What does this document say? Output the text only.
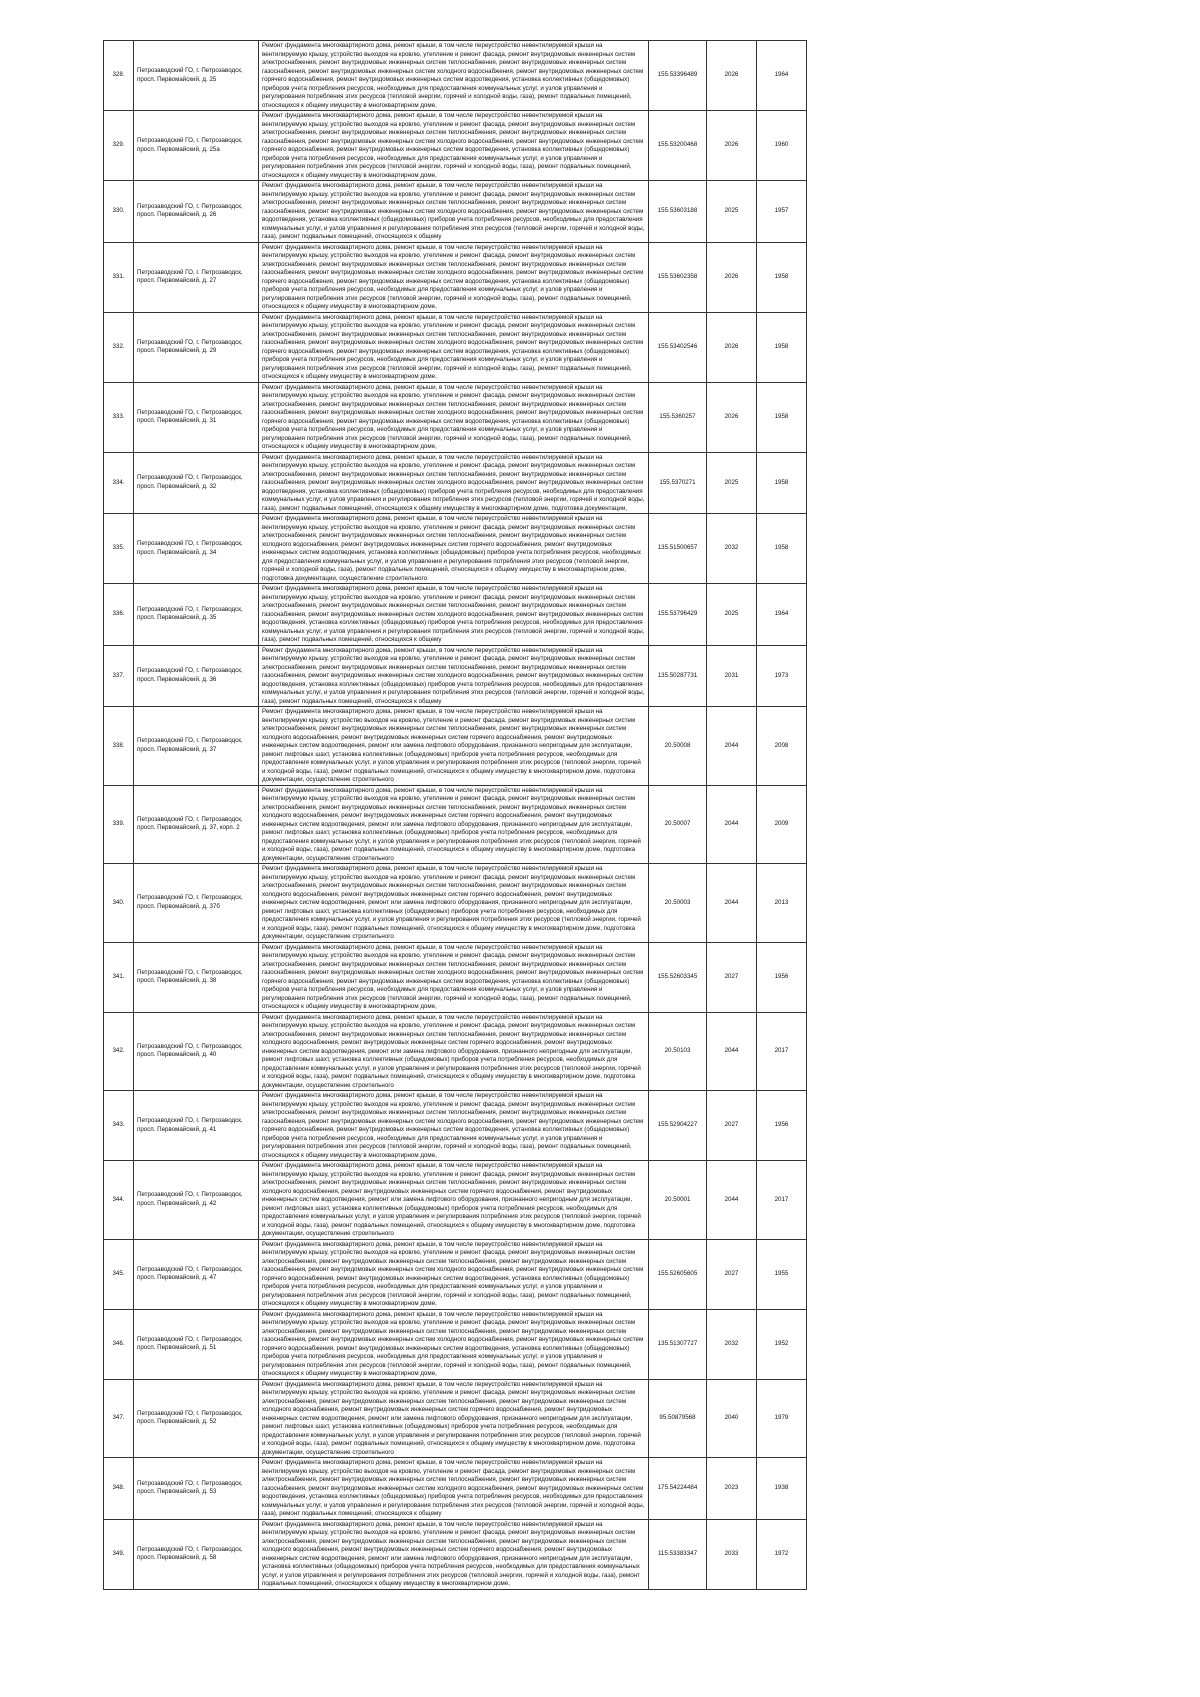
328.	Петрозаводский ГО, г. Петрозаводск, просп. Первомайский, д. 25	Ремонт фундамента многоквартирного дома, ремонт крыши, в том числе переустройство невентилируемой крыши на вентилируемую крышу, устройство выходов на кровлю, утепление и ремонт фасада, ремонт внутридомовых инженерных систем электроснабжения, ремонт внутридомовых инженерных систем теплоснабжения, ремонт внутридомовых инженерных систем газоснабжения, ремонт внутридомовых инженерных систем холодного водоснабжения, ремонт внутридомовых инженерных систем горячего водоснабжения, ремонт внутридомовых инженерных систем водоотведения, установка коллективных (общедомовых) приборов учета потребления ресурсов, необходимых для предоставления коммунальных услуг, и узлов управления и регулирования потребления этих ресурсов (тепловой энергии, горячей и холодной воды, газа), ремонт подвальных помещений, относящихся к общему имуществу в многоквартирном доме,	155.53396489	2026	1964
329.	Петрозаводский ГО, г. Петрозаводск, просп. Первомайский, д. 25а	Ремонт фундамента многоквартирного дома, ремонт крыши, в том числе переустройство невентилируемой крыши на вентилируемую крышу, устройство выходов на кровлю, утепление и ремонт фасада, ремонт внутридомовых инженерных систем электроснабжения, ремонт внутридомовых инженерных систем теплоснабжения, ремонт внутридомовых инженерных систем газоснабжения, ремонт внутридомовых инженерных систем холодного водоснабжения, ремонт внутридомовых инженерных систем горячего водоснабжения, ремонт внутридомовых инженерных систем водоотведения, установка коллективных (общедомовых) приборов учета потребления ресурсов, необходимых для предоставления коммунальных услуг, и узлов управления и регулирования потребления этих ресурсов (тепловой энергии, горячей и холодной воды, газа), ремонт подвальных помещений, относящихся к общему имуществу в многоквартирном доме,	155.53200468	2026	1960
330.	Петрозаводский ГО, г. Петрозаводск, просп. Первомайский, д. 26	Ремонт фундамента многоквартирного дома, ремонт крыши, в том числе переустройство невентилируемой крыши на вентилируемую крышу, устройство выходов на кровлю, утепление и ремонт фасада, ремонт внутридомовых инженерных систем электроснабжения, ремонт внутридомовых инженерных систем теплоснабжения, ремонт внутридомовых инженерных систем газоснабжения, ремонт внутридомовых инженерных систем холодного водоснабжения, ремонт внутридомовых инженерных систем водоотведения, установка коллективных (общедомовых) приборов учета потребления ресурсов, необходимых для предоставления коммунальных услуг, и узлов управления и регулирования потребления этих ресурсов (тепловой энергии, горячей и холодной воды, газа), ремонт подвальных помещений, относящихся к общему	155.53603188	2025	1957
331.	Петрозаводский ГО, г. Петрозаводск, просп. Первомайский, д. 27	Ремонт фундамента многоквартирного дома, ремонт крыши, в том числе переустройство невентилируемой крыши на вентилируемую крышу, устройство выходов на кровлю, утепление и ремонт фасада, ремонт внутридомовых инженерных систем электроснабжения, ремонт внутридомовых инженерных систем теплоснабжения, ремонт внутридомовых инженерных систем газоснабжения, ремонт внутридомовых инженерных систем холодного водоснабжения, ремонт внутридомовых инженерных систем горячего водоснабжения, ремонт внутридомовых инженерных систем водоотведения, установка коллективных (общедомовых) приборов учета потребления ресурсов, необходимых для предоставления коммунальных услуг, и узлов управления и регулирования потребления этих ресурсов (тепловой энергии, горячей и холодной воды, газа), ремонт подвальных помещений, относящихся к общему имуществу в многоквартирном доме,	155.53602358	2026	1958
332.	Петрозаводский ГО, г. Петрозаводск, просп. Первомайский, д. 29	Ремонт фундамента многоквартирного дома, ремонт крыши, в том числе переустройство невентилируемой крыши на вентилируемую крышу, устройство выходов на кровлю, утепление и ремонт фасада, ремонт внутридомовых инженерных систем электроснабжения, ремонт внутридомовых инженерных систем теплоснабжения, ремонт внутридомовых инженерных систем газоснабжения, ремонт внутридомовых инженерных систем холодного водоснабжения, ремонт внутридомовых инженерных систем горячего водоснабжения, ремонт внутридомовых инженерных систем водоотведения, установка коллективных (общедомовых) приборов учета потребления ресурсов, необходимых для предоставления коммунальных услуг, и узлов управления и регулирования потребления этих ресурсов (тепловой энергии, горячей и холодной воды, газа), ремонт подвальных помещений, относящихся к общему имуществу в многоквартирном доме,	155.53402546	2026	1958
333.	Петрозаводский ГО, г. Петрозаводск, просп. Первомайский, д. 31	Ремонт фундамента многоквартирного дома, ремонт крыши, в том числе переустройство невентилируемой крыши на вентилируемую крышу, устройство выходов на кровлю, утепление и ремонт фасада, ремонт внутридомовых инженерных систем электроснабжения, ремонт внутридомовых инженерных систем теплоснабжения, ремонт внутридомовых инженерных систем газоснабжения, ремонт внутридомовых инженерных систем холодного водоснабжения, ремонт внутридомовых инженерных систем горячего водоснабжения, ремонт внутридомовых инженерных систем водоотведения, установка коллективных (общедомовых) приборов учета потребления ресурсов, необходимых для предоставления коммунальных услуг, и узлов управления и регулирования потребления этих ресурсов (тепловой энергии, горячей и холодной воды, газа), ремонт подвальных помещений, относящихся к общему имуществу в многоквартирном доме,	155.5360257	2026	1958
334.	Петрозаводский ГО, г. Петрозаводск, просп. Первомайский, д. 32	Ремонт фундамента многоквартирного дома, ремонт крыши, в том числе переустройство невентилируемой крыши на вентилируемую крышу, устройство выходов на кровлю, утепление и ремонт фасада, ремонт внутридомовых инженерных систем электроснабжения, ремонт внутридомовых инженерных систем теплоснабжения, ремонт внутридомовых инженерных систем газоснабжения, ремонт внутридомовых инженерных систем холодного водоснабжения, ремонт внутридомовых инженерных систем водоотведения, установка коллективных (общедомовых) приборов учета потребления ресурсов, необходимых для предоставления коммунальных услуг, и узлов управления и регулирования потребления этих ресурсов (тепловой энергии, горячей и холодной воды, газа), ремонт подвальных помещений, относящихся к общему имуществу в многоквартирном доме, подготовка документации,	155.5370271	2025	1958
335.	Петрозаводский ГО, г. Петрозаводск, просп. Первомайский, д. 34	Ремонт фундамента многоквартирного дома, ремонт крыши, в том числе переустройство невентилируемой крыши на вентилируемую крышу, устройство выходов на кровлю, утепление и ремонт фасада, ремонт внутридомовых инженерных систем электроснабжения, ремонт внутридомовых инженерных систем теплоснабжения, ремонт внутридомовых инженерных систем холодного водоснабжения, ремонт внутридомовых инженерных систем горячего водоснабжения, ремонт внутридомовых инженерных систем водоотведения, установка коллективных (общедомовых) приборов учета потребления ресурсов, необходимых для предоставления коммунальных услуг, и узлов управления и регулирования потребления этих ресурсов (тепловой энергии, горячей и холодной воды, газа), ремонт подвальных помещений, относящихся к общему имуществу в многоквартирном доме, подготовка документации, осуществление строительного	135.51500657	2032	1958
336.	Петрозаводский ГО, г. Петрозаводск, просп. Первомайский, д. 35	Ремонт фундамента многоквартирного дома, ремонт крыши, в том числе переустройство невентилируемой крыши на вентилируемую крышу, устройство выходов на кровлю, утепление и ремонт фасада, ремонт внутридомовых инженерных систем электроснабжения, ремонт внутридомовых инженерных систем теплоснабжения, ремонт внутридомовых инженерных систем газоснабжения, ремонт внутридомовых инженерных систем холодного водоснабжения, ремонт внутридомовых инженерных систем водоотведения, установка коллективных (общедомовых) приборов учета потребления ресурсов, необходимых для предоставления коммунальных услуг, и узлов управления и регулирования потребления этих ресурсов (тепловой энергии, горячей и холодной воды, газа), ремонт подвальных помещений, относящихся к общему	155.53796429	2025	1964
337.	Петрозаводский ГО, г. Петрозаводск, просп. Первомайский, д. 36	Ремонт фундамента многоквартирного дома, ремонт крыши, в том числе переустройство невентилируемой крыши на вентилируемую крышу, устройство выходов на кровлю, утепление и ремонт фасада, ремонт внутридомовых инженерных систем электроснабжения, ремонт внутридомовых инженерных систем теплоснабжения, ремонт внутридомовых инженерных систем газоснабжения, ремонт внутридомовых инженерных систем холодного водоснабжения, ремонт внутридомовых инженерных систем водоотведения, установка коллективных (общедомовых) приборов учета потребления ресурсов, необходимых для предоставления коммунальных услуг, и узлов управления и регулирования потребления этих ресурсов (тепловой энергии, горячей и холодной воды, газа), ремонт подвальных помещений, относящихся к общему	135.50287731	2031	1973
338.	Петрозаводский ГО, г. Петрозаводск, просп. Первомайский, д. 37	Ремонт фундамента многоквартирного дома, ремонт крыши, в том числе переустройство невентилируемой крыши на вентилируемую крышу, устройство выходов на кровлю, утепление и ремонт фасада, ремонт внутридомовых инженерных систем электроснабжения, ремонт внутридомовых инженерных систем теплоснабжения, ремонт внутридомовых инженерных систем холодного водоснабжения, ремонт внутридомовых инженерных систем горячего водоснабжения, ремонт внутридомовых инженерных систем водоотведения, ремонт или замена лифтового оборудования, признанного непригодным для эксплуатации, ремонт лифтовых шахт, установка коллективных (общедомовых) приборов учета потребления ресурсов, необходимых для предоставления коммунальных услуг, и узлов управления и регулирования потребления этих ресурсов (тепловой энергии, горячей и холодной воды, газа), ремонт подвальных помещений, относящихся к общему имуществу в многоквартирном доме, подготовка документации, осуществление строительного	20.50008	2044	2008
339.	Петрозаводский ГО, г. Петрозаводск, просп. Первомайский, д. 37, корп. 2	Ремонт фундамента многоквартирного дома, ремонт крыши, в том числе переустройство невентилируемой крыши на вентилируемую крышу, устройство выходов на кровлю, утепление и ремонт фасада, ремонт внутридомовых инженерных систем электроснабжения, ремонт внутридомовых инженерных систем теплоснабжения, ремонт внутридомовых инженерных систем холодного водоснабжения, ремонт внутридомовых инженерных систем горячего водоснабжения, ремонт внутридомовых инженерных систем водоотведения, ремонт или замена лифтового оборудования, признанного непригодным для эксплуатации, ремонт лифтовых шахт, установка коллективных (общедомовых) приборов учета потребления ресурсов, необходимых для предоставления коммунальных услуг, и узлов управления и регулирования потребления этих ресурсов (тепловой энергии, горячей и холодной воды, газа), ремонт подвальных помещений, относящихся к общему имуществу в многоквартирном доме, подготовка документации, осуществление строительного	20.50007	2044	2009
340.	Петрозаводский ГО, г. Петрозаводск, просп. Первомайский, д. 37б	Ремонт фундамента многоквартирного дома, ремонт крыши, в том числе переустройство невентилируемой крыши на вентилируемую крышу, устройство выходов на кровлю, утепление и ремонт фасада, ремонт внутридомовых инженерных систем электроснабжения, ремонт внутридомовых инженерных систем теплоснабжения, ремонт внутридомовых инженерных систем холодного водоснабжения, ремонт внутридомовых инженерных систем горячего водоснабжения, ремонт внутридомовых инженерных систем водоотведения, ремонт или замена лифтового оборудования, признанного непригодным для эксплуатации, ремонт лифтовых шахт, установка коллективных (общедомовых) приборов учета потребления ресурсов, необходимых для предоставления коммунальных услуг, и узлов управления и регулирования потребления этих ресурсов (тепловой энергии, горячей и холодной воды, газа), ремонт подвальных помещений, относящихся к общему имуществу в многоквартирном доме, подготовка документации, осуществление строительного	20.50003	2044	2013
341.	Петрозаводский ГО, г. Петрозаводск, просп. Первомайский, д. 38	Ремонт фундамента многоквартирного дома, ремонт крыши, в том числе переустройство невентилируемой крыши на вентилируемую крышу, устройство выходов на кровлю, утепление и ремонт фасада, ремонт внутридомовых инженерных систем электроснабжения, ремонт внутридомовых инженерных систем теплоснабжения, ремонт внутридомовых инженерных систем газоснабжения, ремонт внутридомовых инженерных систем холодного водоснабжения, ремонт внутридомовых инженерных систем горячего водоснабжения, ремонт внутридомовых инженерных систем водоотведения, установка коллективных (общедомовых) приборов учета потребления ресурсов, необходимых для предоставления коммунальных услуг, и узлов управления и регулирования потребления этих ресурсов (тепловой энергии, горячей и холодной воды, газа), ремонт подвальных помещений, относящихся к общему имуществу в многоквартирном доме,	155.52603345	2027	1956
342.	Петрозаводский ГО, г. Петрозаводск, просп. Первомайский, д. 40	Ремонт фундамента многоквартирного дома, ремонт крыши, в том числе переустройство невентилируемой крыши на вентилируемую крышу, устройство выходов на кровлю, утепление и ремонт фасада, ремонт внутридомовых инженерных систем электроснабжения, ремонт внутридомовых инженерных систем теплоснабжения, ремонт внутридомовых инженерных систем холодного водоснабжения, ремонт внутридомовых инженерных систем горячего водоснабжения, ремонт внутридомовых инженерных систем водоотведения, ремонт или замена лифтового оборудования, признанного непригодным для эксплуатации, ремонт лифтовых шахт, установка коллективных (общедомовых) приборов учета потребления ресурсов, необходимых для предоставления коммунальных услуг, и узлов управления и регулирования потребления этих ресурсов (тепловой энергии, горячей и холодной воды, газа), ремонт подвальных помещений, относящихся к общему имуществу в многоквартирном доме, подготовка документации, осуществление строительного	20.50103	2044	2017
343.	Петрозаводский ГО, г. Петрозаводск, просп. Первомайский, д. 41	Ремонт фундамента многоквартирного дома, ремонт крыши, в том числе переустройство невентилируемой крыши на вентилируемую крышу, устройство выходов на кровлю, утепление и ремонт фасада, ремонт внутридомовых инженерных систем электроснабжения, ремонт внутридомовых инженерных систем теплоснабжения, ремонт внутридомовых инженерных систем газоснабжения, ремонт внутридомовых инженерных систем холодного водоснабжения, ремонт внутридомовых инженерных систем горячего водоснабжения, ремонт внутридомовых инженерных систем водоотведения, установка коллективных (общедомовых) приборов учета потребления ресурсов, необходимых для предоставления коммунальных услуг, и узлов управления и регулирования потребления этих ресурсов (тепловой энергии, горячей и холодной воды, газа), ремонт подвальных помещений, относящихся к общему имуществу в многоквартирном доме,	155.52904227	2027	1956
344.	Петрозаводский ГО, г. Петрозаводск, просп. Первомайский, д. 42	Ремонт фундамента многоквартирного дома, ремонт крыши, в том числе переустройство невентилируемой крыши на вентилируемую крышу, устройство выходов на кровлю, утепление и ремонт фасада, ремонт внутридомовых инженерных систем электроснабжения, ремонт внутридомовых инженерных систем теплоснабжения, ремонт внутридомовых инженерных систем холодного водоснабжения, ремонт внутридомовых инженерных систем горячего водоснабжения, ремонт внутридомовых инженерных систем водоотведения, ремонт или замена лифтового оборудования, признанного непригодным для эксплуатации, ремонт лифтовых шахт, установка коллективных (общедомовых) приборов учета потребления ресурсов, необходимых для предоставления коммунальных услуг, и узлов управления и регулирования потребления этих ресурсов (тепловой энергии, горячей и холодной воды, газа), ремонт подвальных помещений, относящихся к общему имуществу в многоквартирном доме, подготовка документации, осуществление строительного	20.50001	2044	2017
345.	Петрозаводский ГО, г. Петрозаводск, просп. Первомайский, д. 47	Ремонт фундамента многоквартирного дома, ремонт крыши, в том числе переустройство невентилируемой крыши на вентилируемую крышу, устройство выходов на кровлю, утепление и ремонт фасада, ремонт внутридомовых инженерных систем электроснабжения, ремонт внутридомовых инженерных систем теплоснабжения, ремонт внутридомовых инженерных систем газоснабжения, ремонт внутридомовых инженерных систем холодного водоснабжения, ремонт внутридомовых инженерных систем горячего водоснабжения, ремонт внутридомовых инженерных систем водоотведения, установка коллективных (общедомовых) приборов учета потребления ресурсов, необходимых для предоставления коммунальных услуг, и узлов управления и регулирования потребления этих ресурсов (тепловой энергии, горячей и холодной воды, газа), ремонт подвальных помещений, относящихся к общему имуществу в многоквартирном доме,	155.52605605	2027	1955
346.	Петрозаводский ГО, г. Петрозаводск, просп. Первомайский, д. 51	Ремонт фундамента многоквартирного дома, ремонт крыши, в том числе переустройство невентилируемой крыши на вентилируемую крышу, устройство выходов на кровлю, утепление и ремонт фасада, ремонт внутридомовых инженерных систем электроснабжения, ремонт внутридомовых инженерных систем теплоснабжения, ремонт внутридомовых инженерных систем газоснабжения, ремонт внутридомовых инженерных систем холодного водоснабжения, ремонт внутридомовых инженерных систем горячего водоснабжения, ремонт внутридомовых инженерных систем водоотведения, установка коллективных (общедомовых) приборов учета потребления ресурсов, необходимых для предоставления коммунальных услуг, и узлов управления и регулирования потребления этих ресурсов (тепловой энергии, горячей и холодной воды, газа), ремонт подвальных помещений, относящихся к общему имуществу в многоквартирном доме,	135.51307727	2032	1952
347.	Петрозаводский ГО, г. Петрозаводск, просп. Первомайский, д. 52	Ремонт фундамента многоквартирного дома, ремонт крыши, в том числе переустройство невентилируемой крыши на вентилируемую крышу, устройство выходов на кровлю, утепление и ремонт фасада, ремонт внутридомовых инженерных систем электроснабжения, ремонт внутридомовых инженерных систем теплоснабжения, ремонт внутридомовых инженерных систем холодного водоснабжения, ремонт внутридомовых инженерных систем горячего водоснабжения, ремонт внутридомовых инженерных систем водоотведения, ремонт или замена лифтового оборудования, признанного непригодным для эксплуатации, ремонт лифтовых шахт, установка коллективных (общедомовых) приборов учета потребления ресурсов, необходимых для предоставления коммунальных услуг, и узлов управления и регулирования потребления этих ресурсов (тепловой энергии, горячей и холодной воды, газа), ремонт подвальных помещений, относящихся к общему имуществу в многоквартирном доме, подготовка документации, осуществление строительного	95.50879568	2040	1979
348.	Петрозаводский ГО, г. Петрозаводск, просп. Первомайский, д. 53	Ремонт фундамента многоквартирного дома, ремонт крыши, в том числе переустройство невентилируемой крыши на вентилируемую крышу, устройство выходов на кровлю, утепление и ремонт фасада, ремонт внутридомовых инженерных систем электроснабжения, ремонт внутридомовых инженерных систем теплоснабжения, ремонт внутридомовых инженерных систем газоснабжения, ремонт внутридомовых инженерных систем холодного водоснабжения, ремонт внутридомовых инженерных систем водоотведения, установка коллективных (общедомовых) приборов учета потребления ресурсов, необходимых для предоставления коммунальных услуг, и узлов управления и регулирования потребления этих ресурсов (тепловой энергии, горячей и холодной воды, газа), ремонт подвальных помещений, относящихся к общему	175.54224484	2023	1938
349.	Петрозаводский ГО, г. Петрозаводск, просп. Первомайский, д. 58	Ремонт фундамента многоквартирного дома, ремонт крыши, в том числе переустройство невентилируемой крыши на вентилируемую крышу, устройство выходов на кровлю, утепление и ремонт фасада, ремонт внутридомовых инженерных систем электроснабжения, ремонт внутридомовых инженерных систем теплоснабжения, ремонт внутридомовых инженерных систем холодного водоснабжения, ремонт внутридомовых инженерных систем горячего водоснабжения, ремонт внутридомовых инженерных систем водоотведения, ремонт или замена лифтового оборудования, признанного непригодным для эксплуатации, установка коллективных (общедомовых) приборов учета потребления ресурсов, необходимых для предоставления коммунальных услуг, и узлов управления и регулирования потребления этих ресурсов (тепловой энергии, горячей и холодной воды, газа), ремонт подвальных помещений, относящихся к общему имуществу в многоквартирном доме,	115.53383347	2033	1972
